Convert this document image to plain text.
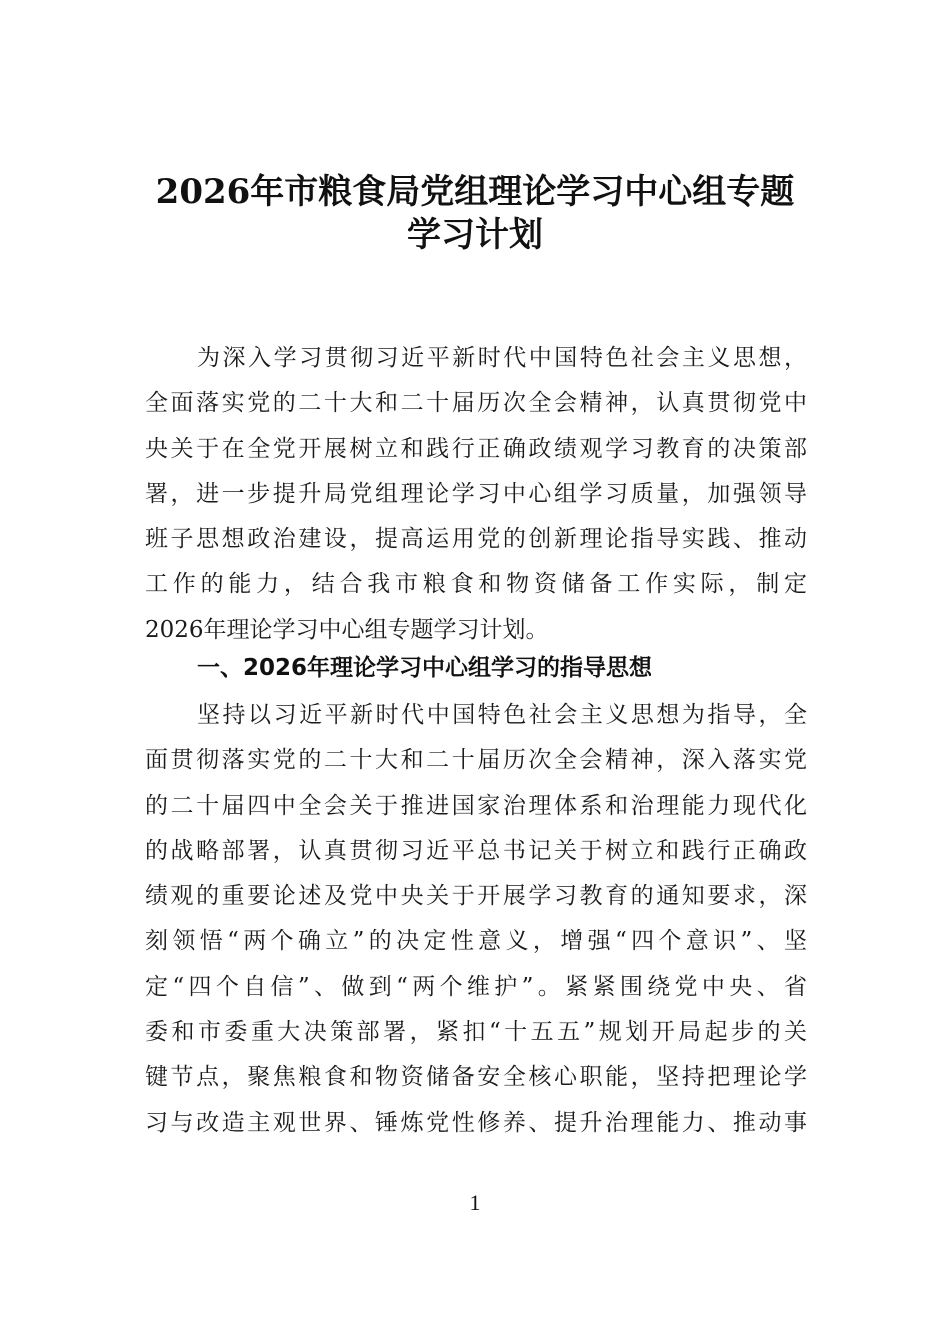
2026年市粮食局党组理论学习中心组专题
学习计划
为深入学习贯彻习近平新时代中国特色社会主义思想，
全面落实党的二十大和二十届历次全会精神，认真贯彻党中
央关于在全党开展树立和践行正确政绩观学习教育的决策部
署，进一步提升局党组理论学习中心组学习质量，加强领导
班子思想政治建设，提高运用党的创新理论指导实践、推动
工作的能力，结合我市粮食和物资储备工作实际，制定
2026年理论学习中心组专题学习计划。
一、2026年理论学习中心组学习的指导思想
坚持以习近平新时代中国特色社会主义思想为指导，全
面贯彻落实党的二十大和二十届历次全会精神，深入落实党
的二十届四中全会关于推进国家治理体系和治理能力现代化
的战略部署，认真贯彻习近平总书记关于树立和践行正确政
绩观的重要论述及党中央关于开展学习教育的通知要求，深
刻领悟“两个确立”的决定性意义，增强“四个意识”、坚
定“四个自信”、做到“两个维护”。紧紧围绕党中央、省
委和市委重大决策部署，紧扣“十五五”规划开局起步的关
键节点，聚焦粮食和物资储备安全核心职能，坚持把理论学
习与改造主观世界、锤炼党性修养、提升治理能力、推动事
1
